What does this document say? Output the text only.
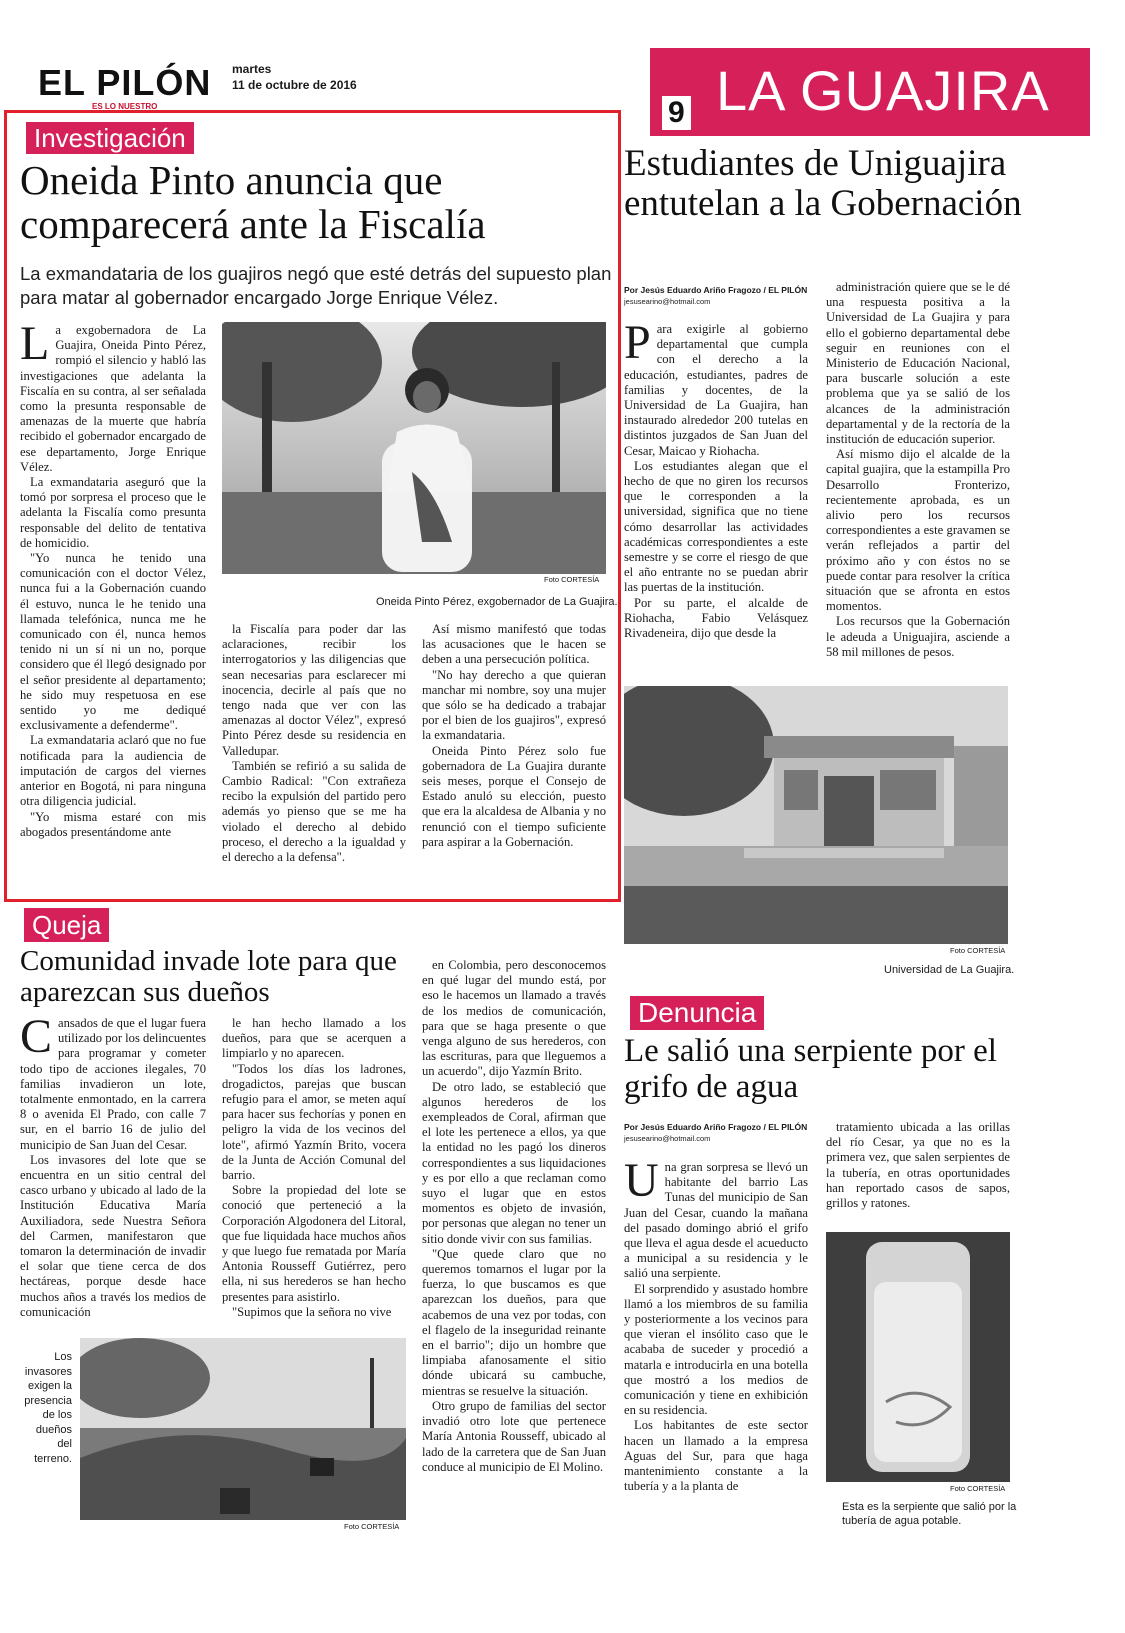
EL PILÓN
ES LO NUESTRO
martes
11 de octubre de 2016	LA GUAJIRA
9
Investigación
Oneida Pinto anuncia que comparecerá ante la Fiscalía
La exmandataria de los guajiros negó que esté detrás del supuesto plan para matar al gobernador encargado Jorge Enrique Vélez.

La exgobernadora de La Guajira, Oneida Pinto Pérez, rompió el silencio y habló las investigaciones que adelanta la Fiscalía en su contra, al ser señalada como la presunta responsable de amenazas de la muerte que habría recibido el gobernador encargado de ese departamento, Jorge Enrique Vélez.

La exmandataria aseguró que la tomó por sorpresa el proceso que le adelanta la Fiscalía como presunta responsable del delito de tentativa de homicidio.

"Yo nunca he tenido una comunicación con el doctor Vélez, nunca fui a la Gobernación cuando él estuvo, nunca le he tenido una llamada telefónica, nunca me he comunicado con él, nunca hemos tenido ni un sí ni un no, porque considero que él llegó designado por el señor presidente al departamento; he sido muy respetuosa en ese sentido yo me dediqué exclusivamente a defenderme".

La exmandataria aclaró que no fue notificada para la audiencia de imputación de cargos del viernes anterior en Bogotá, ni para ninguna otra diligencia judicial.

"Yo misma estaré con mis abogados presentándome ante

Foto CORTESÍA
Oneida Pinto Pérez, exgobernador de La Guajira.

la Fiscalía para poder dar las aclaraciones, recibir los interrogatorios y las diligencias que sean necesarias para esclarecer mi inocencia, decirle al país que no tengo nada que ver con las amenazas al doctor Vélez", expresó Pinto Pérez desde su residencia en Valledupar.

También se refirió a su salida de Cambio Radical: "Con extrañeza recibo la expulsión del partido pero además yo pienso que se me ha violado el derecho al debido proceso, el derecho a la igualdad y el derecho a la defensa".

Así mismo manifestó que todas las acusaciones que le hacen se deben a una persecución política.

"No hay derecho a que quieran manchar mi nombre, soy una mujer que sólo se ha dedicado a trabajar por el bien de los guajiros", expresó la exmandataria.

Oneida Pinto Pérez solo fue gobernadora de La Guajira durante seis meses, porque el Consejo de Estado anuló su elección, puesto que era la alcaldesa de Albania y no renunció con el tiempo suficiente para aspirar a la Gobernación.

Estudiantes de Uniguajira entutelan a la Gobernación
Por Jesús Eduardo Ariño Fragozo / EL PILÓN
jesusearino@hotmail.com

Para exigirle al gobierno departamental que cumpla con el derecho a la educación, estudiantes, padres de familias y docentes, de la Universidad de La Guajira, han instaurado alrededor 200 tutelas en distintos juzgados de San Juan del Cesar, Maicao y Riohacha.

Los estudiantes alegan que el hecho de que no giren los recursos que le corresponden a la universidad, significa que no tiene cómo desarrollar las actividades académicas correspondientes a este semestre y se corre el riesgo de que el año entrante no se puedan abrir las puertas de la institución.

Por su parte, el alcalde de Riohacha, Fabio Velásquez Rivadeneira, dijo que desde la

administración quiere que se le dé una respuesta positiva a la Universidad de La Guajira y para ello el gobierno departamental debe seguir en reuniones con el Ministerio de Educación Nacional, para buscarle solución a este problema que ya se salió de los alcances de la administración departamental y de la rectoría de la institución de educación superior.

Así mismo dijo el alcalde de la capital guajira, que la estampilla Pro Desarrollo Fronterizo, recientemente aprobada, es un alivio pero los recursos correspondientes a este gravamen se verán reflejados a partir del próximo año y con éstos no se puede contar para resolver la crítica situación que se afronta en estos momentos.

Los recursos que la Gobernación le adeuda a Uniguajira, asciende a 58 mil millones de pesos.

Foto CORTESÍA
Universidad de La Guajira.
Queja
Comunidad invade lote para que aparezcan sus dueños

Cansados de que el lugar fuera utilizado por los delincuentes para programar y cometer todo tipo de acciones ilegales, 70 familias invadieron un lote, totalmente enmontado, en la carrera 8 o avenida El Prado, con calle 7 sur, en el barrio 16 de julio del municipio de San Juan del Cesar.

Los invasores del lote que se encuentra en un sitio central del casco urbano y ubicado al lado de la Institución Educativa María Auxiliadora, sede Nuestra Señora del Carmen, manifestaron que tomaron la determinación de invadir el solar que tiene cerca de dos hectáreas, porque desde hace muchos años a través los medios de comunicación

le han hecho llamado a los dueños, para que se acerquen a limpiarlo y no aparecen.

"Todos los días los ladrones, drogadictos, parejas que buscan refugio para el amor, se meten aquí para hacer sus fechorías y ponen en peligro la vida de los vecinos del lote", afirmó Yazmín Brito, vocera de la Junta de Acción Comunal del barrio.

Sobre la propiedad del lote se conoció que perteneció a la Corporación Algodonera del Litoral, que fue liquidada hace muchos años y que luego fue rematada por María Antonia Rousseff Gutiérrez, pero ella, ni sus herederos se han hecho presentes para asistirlo.

"Supimos que la señora no vive

en Colombia, pero desconocemos en qué lugar del mundo está, por eso le hacemos un llamado a través de los medios de comunicación, para que se haga presente o que venga alguno de sus herederos, con las escrituras, para que lleguemos a un acuerdo", dijo Yazmín Brito.

De otro lado, se estableció que algunos herederos de los exempleados de Coral, afirman que el lote les pertenece a ellos, ya que la entidad no les pagó los dineros correspondientes a sus liquidaciones y es por ello a que reclaman como suyo el lugar que en estos momentos es objeto de invasión, por personas que alegan no tener un sitio donde vivir con sus familias.

"Que quede claro que no queremos tomarnos el lugar por la fuerza, lo que buscamos es que aparezcan los dueños, para que acabemos de una vez por todas, con el flagelo de la inseguridad reinante en el barrio"; dijo un hombre que limpiaba afanosamente el sitio dónde ubicará su cambuche, mientras se resuelve la situación.

Otro grupo de familias del sector invadió otro lote que pertenece María Antonia Rousseff, ubicado al lado de la carretera que de San Juan conduce al municipio de El Molino.

Los invasores exigen la presencia de los dueños del terreno.
Foto CORTESÍA
Denuncia
Le salió una serpiente por el grifo de agua
Por Jesús Eduardo Ariño Fragozo / EL PILÓN
jesusearino@hotmail.com

Una gran sorpresa se llevó un habitante del barrio Las Tunas del municipio de San Juan del Cesar, cuando la mañana del pasado domingo abrió el grifo que lleva el agua desde el acueducto a municipal a su residencia y le salió una serpiente.

El sorprendido y asustado hombre llamó a los miembros de su familia y posteriormente a los vecinos para que vieran el insólito caso que le acababa de suceder y procedió a matarla e introducirla en una botella que mostró a los medios de comunicación y tiene en exhibición en su residencia.

Los habitantes de este sector hacen un llamado a la empresa Aguas del Sur, para que haga mantenimiento constante a la tubería y a la planta de

tratamiento ubicada a las orillas del río Cesar, ya que no es la primera vez, que salen serpientes de la tubería, en otras oportunidades han reportado casos de sapos, grillos y ratones.

Foto CORTESÍA
Esta es la serpiente que salió por la tubería de agua potable.
